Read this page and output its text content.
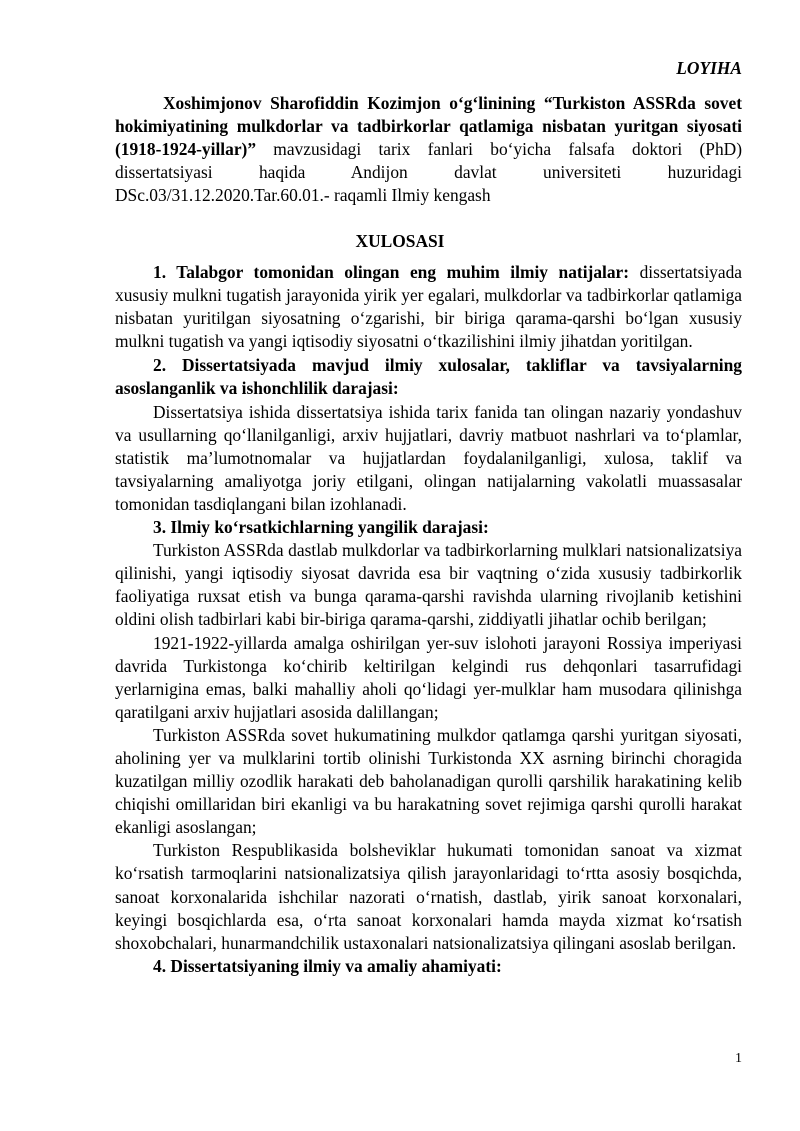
LOYIHA

Xoshimjonov Sharofiddin Kozimjon o‘g‘linining “Turkiston ASSRda sovet hokimiyatining mulkdorlar va tadbirkorlar qatlamiga nisbatan yuritgan siyosati (1918-1924-yillar)” mavzusidagi tarix fanlari bo‘yicha falsafa doktori (PhD) dissertatsiyasi haqida Andijon davlat universiteti huzuridagi DSc.03/31.12.2020.Tar.60.01.- raqamli Ilmiy kengash

XULOSASI

1. Talabgor tomonidan olingan eng muhim ilmiy natijalar: dissertatsiyada xususiy mulkni tugatish jarayonida yirik yer egalari, mulkdorlar va tadbirkorlar qatlamiga nisbatan yuritilgan siyosatning o‘zgarishi, bir biriga qarama-qarshi bo‘lgan xususiy mulkni tugatish va yangi iqtisodiy siyosatni o‘tkazilishini ilmiy jihatdan yoritilgan.

2. Dissertatsiyada mavjud ilmiy xulosalar, takliflar va tavsiyalarning asoslanganlik va ishonchlilik darajasi:

Dissertatsiya ishida dissertatsiya ishida tarix fanida tan olingan nazariy yondashuv va usullarning qo‘llanilganligi, arxiv hujjatlari, davriy matbuot nashrlari va to‘plamlar, statistik ma’lumotnomalar va hujjatlardan foydalanilganligi, xulosa, taklif va tavsiyalarning amaliyotga joriy etilgani, olingan natijalarning vakolatli muassasalar tomonidan tasdiqlangani bilan izohlanadi.

3. Ilmiy ko‘rsatkichlarning yangilik darajasi:

Turkiston ASSRda dastlab mulkdorlar va tadbirkorlarning mulklari natsionalizatsiya qilinishi, yangi iqtisodiy siyosat davrida esa bir vaqtning o‘zida xususiy tadbirkorlik faoliyatiga ruxsat etish va bunga qarama-qarshi ravishda ularning rivojlanib ketishini oldini olish tadbirlari kabi bir-biriga qarama-qarshi, ziddiyatli jihatlar ochib berilgan;

1921-1922-yillarda amalga oshirilgan yer-suv islohoti jarayoni Rossiya imperiyasi davrida Turkistonga ko‘chirib keltirilgan kelgindi rus dehqonlari tasarrufidagi yerlarnigina emas, balki mahalliy aholi qo‘lidagi yer-mulklar ham musodara qilinishga qaratilgani arxiv hujjatlari asosida dalillangan;

Turkiston ASSRda sovet hukumatining mulkdor qatlamga qarshi yuritgan siyosati, aholining yer va mulklarini tortib olinishi Turkistonda XX asrning birinchi choragida kuzatilgan milliy ozodlik harakati deb baholanadigan qurolli qarshilik harakatining kelib chiqishi omillaridan biri ekanligi va bu harakatning sovet rejimiga qarshi qurolli harakat ekanligi asoslangan;

Turkiston Respublikasida bolsheviklar hukumati tomonidan sanoat va xizmat ko‘rsatish tarmoqlarini natsionalizatsiya qilish jarayonlaridagi to‘rtta asosiy bosqichda, sanoat korxonalarida ishchilar nazorati o‘rnatish, dastlab, yirik sanoat korxonalari, keyingi bosqichlarda esa, o‘rta sanoat korxonalari hamda mayda xizmat ko‘rsatish shoxobchalari, hunarmandchilik ustaxonalari natsionalizatsiya qilingani asoslab berilgan.

4. Dissertatsiyaning ilmiy va amaliy ahamiyati:

1
